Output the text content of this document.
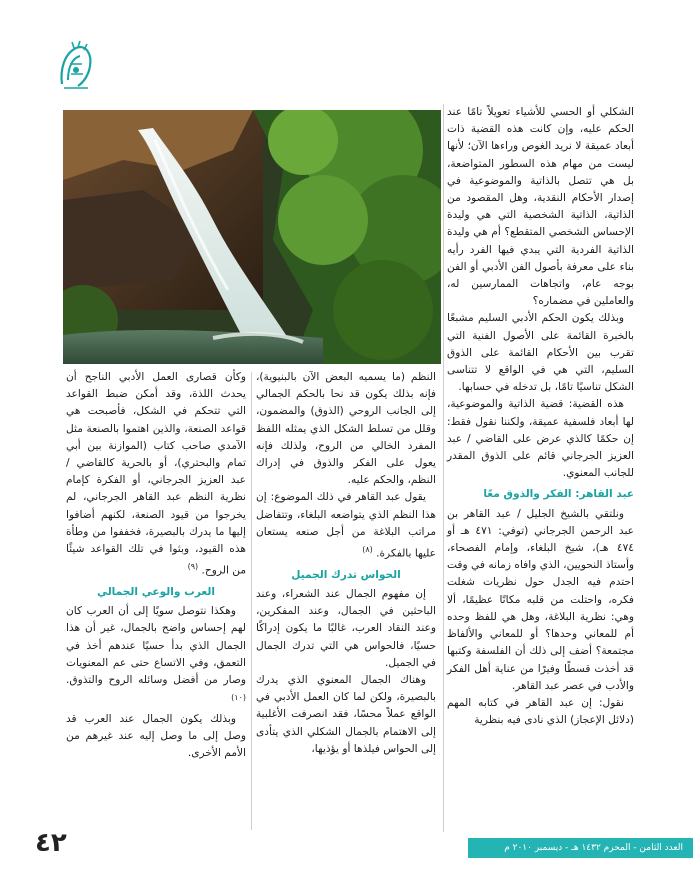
الشكلي أو الحسي للأشياء تعويلاً تامًا عند الحكم عليه، وإن كانت هذه القضية ذات أبعاد عميقة لا نريد الغوص وراءها الآن؛ لأنها ليست من مهام هذه السطور المتواضعة، بل هي تتصل بالذاتية والموضوعية في إصدار الأحكام النقدية، وهل المقصود من الذاتية، الذاتية الشخصية التي هي وليدة الإحساس الشخصي المتقطع؟ أم هي وليدة الذاتية الفردية التي يبدي فيها الفرد رأيه بناء على معرفة بأصول الفن الأدبي أو الفن بوجه عام، واتجاهات الممارسين له، والعاملين في مضماره؟

وبذلك يكون الحكم الأدبي السليم مشبعًا بالخبرة القائمة على الأصول الفنية التي تقرب بين الأحكام القائمة على الذوق السليم، التي هي في الواقع لا تتناسى الشكل تناسيًا تامًا، بل تدخله في حسابها.

هذه القضية: قضية الذاتية والموضوعية، لها أبعاد فلسفية عميقة، ولكننا نقول فقط: إن حكمًا كالذي عرض على القاضي / عبد العزيز الجرجاني قائم على الذوق المقدر للجانب المعنوي.

عبد القاهر: الفكر والذوق معًا

ونلتقي بالشيخ الجليل / عبد القاهر بن عبد الرحمن الجرجاني (توفي: ٤٧١ هـ أو ٤٧٤ هـ)، شيخ البلغاء، وإمام الفصحاء، وأستاذ النحويين، الذي وافاه زمانه في وقت احتدم فيه الجدل حول نظريات شغلت فكره، واحتلت من قلبه مكانًا عظيمًا، ألا وهي: نظرية البلاغة، وهل هي للفظ وحده أم للمعاني وحدها؟ أو للمعاني والألفاظ مجتمعة؟ أضف إلى ذلك أن الفلسفة وكتبها قد أخذت قسطًا وفيرًا من عناية أهل الفكر والأدب في عصر عبد القاهر.

نقول: إن عبد القاهر في كتابه المهم (دلائل الإعجاز) الذي نادى فيه بنظرية

النظم (ما يسميه البعض الآن بالبنيوية)، فإنه بذلك يكون قد نحا بالحكم الجمالي إلى الجانب الروحي (الذوق) والمضمون، وقلل من تسلط الشكل الذي يمثله اللفظ المفرد الخالي من الروح، ولذلك فإنه يعول على الفكر والذوق في إدراك النظم، والحكم عليه.

يقول عبد القاهر في ذلك الموضوع: إن هذا النظم الذي يتواضعه البلغاء، وتتفاضل مراتب البلاغة من أجل صنعه يستعان عليها بالفكرة. $^{(٨)}$

الحواس تدرك الجميل

إن مفهوم الجمال عند الشعراء، وعند الباحثين في الجمال، وعند المفكرين، وعند النقاد العرب، غالبًا ما يكون إدراكًا حسيًا، فالحواس هي التي تدرك الجمال في الجميل.

وهناك الجمال المعنوي الذي يدرك بالبصيرة، ولكن لما كان العمل الأدبي في الواقع عملاً محسًا، فقد انصرفت الأغلبية إلى الاهتمام بالجمال الشكلي الذي يتأدى إلى الحواس فيلذها أو يؤذيها،

وكأن قصارى العمل الأدبي الناجح أن يحدث اللذة، وقد أمكن ضبط القواعد التي تتحكم في الشكل، فأصبحت هي قواعد الصنعة، والذين اهتموا بالصنعة مثل الآمدي صاحب كتاب (الموازنة بين أبي تمام والبحتري)، أو بالحرية كالقاضي / عبد العزيز الجرجاني، أو الفكرة كإمام نظرية النظم عبد القاهر الجرجاني، لم يخرجوا من قيود الصنعة، لكنهم أضافوا إليها ما يدرك بالبصيرة، فخففوا من وطأة هذه القيود، وبثوا في تلك القواعد شيئًا من الروح. $^{(٩)}$

العرب والوعي الجمالي

وهكذا نتوصل سويًا إلى أن العرب كان لهم إحساس واضح بالجمال، غير أن هذا الجمال الذي بدأ حسيًا عندهم أخذ في التعمق، وفي الاتساع حتى عم المعنويات وصار من أفضل وسائله الروح والتذوق. $^{(١٠)}$

وبذلك يكون الجمال عند العرب قد وصل إلى ما وصل إليه عند غيرهم من الأمم الأخرى.

العدد الثامن - المحرم ١٤٣٢ هـ - ديسمبر ٢٠١٠ م
٤٢
